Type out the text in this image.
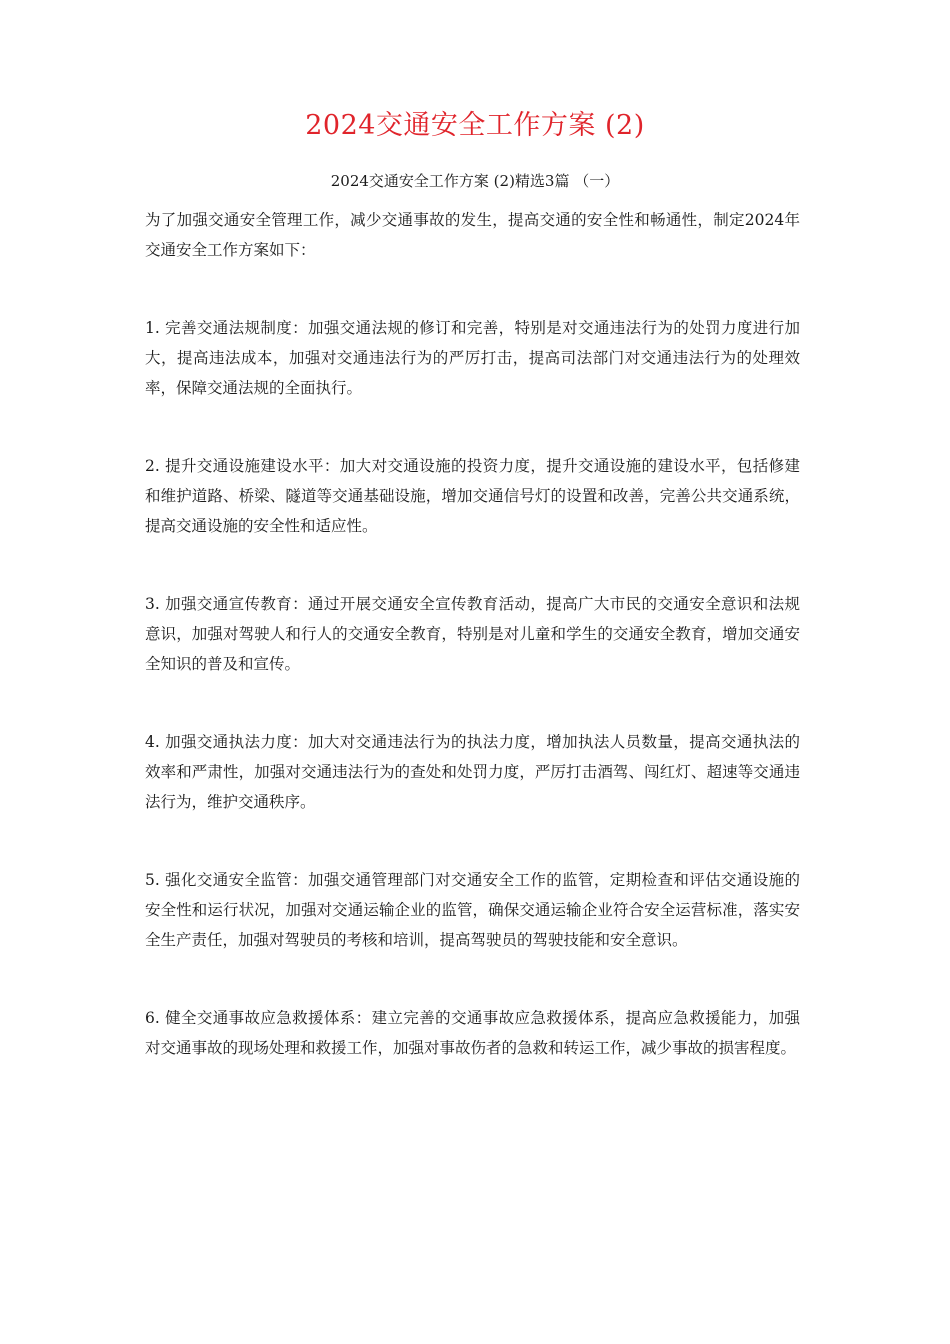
2024交通安全工作方案 (2)
2024交通安全工作方案 (2)精选3篇 （一）

为了加强交通安全管理工作，减少交通事故的发生，提高交通的安全性和畅通性，制定2024年交通安全工作方案如下：

1. 完善交通法规制度：加强交通法规的修订和完善，特别是对交通违法行为的处罚力度进行加大，提高违法成本，加强对交通违法行为的严厉打击，提高司法部门对交通违法行为的处理效率，保障交通法规的全面执行。

2. 提升交通设施建设水平：加大对交通设施的投资力度，提升交通设施的建设水平，包括修建和维护道路、桥梁、隧道等交通基础设施，增加交通信号灯的设置和改善，完善公共交通系统，提高交通设施的安全性和适应性。

3. 加强交通宣传教育：通过开展交通安全宣传教育活动，提高广大市民的交通安全意识和法规意识，加强对驾驶人和行人的交通安全教育，特别是对儿童和学生的交通安全教育，增加交通安全知识的普及和宣传。

4. 加强交通执法力度：加大对交通违法行为的执法力度，增加执法人员数量，提高交通执法的效率和严肃性，加强对交通违法行为的查处和处罚力度，严厉打击酒驾、闯红灯、超速等交通违法行为，维护交通秩序。

5. 强化交通安全监管：加强交通管理部门对交通安全工作的监管，定期检查和评估交通设施的安全性和运行状况，加强对交通运输企业的监管，确保交通运输企业符合安全运营标准，落实安全生产责任，加强对驾驶员的考核和培训，提高驾驶员的驾驶技能和安全意识。

6. 健全交通事故应急救援体系：建立完善的交通事故应急救援体系，提高应急救援能力，加强对交通事故的现场处理和救援工作，加强对事故伤者的急救和转运工作，减少事故的损害程度。
